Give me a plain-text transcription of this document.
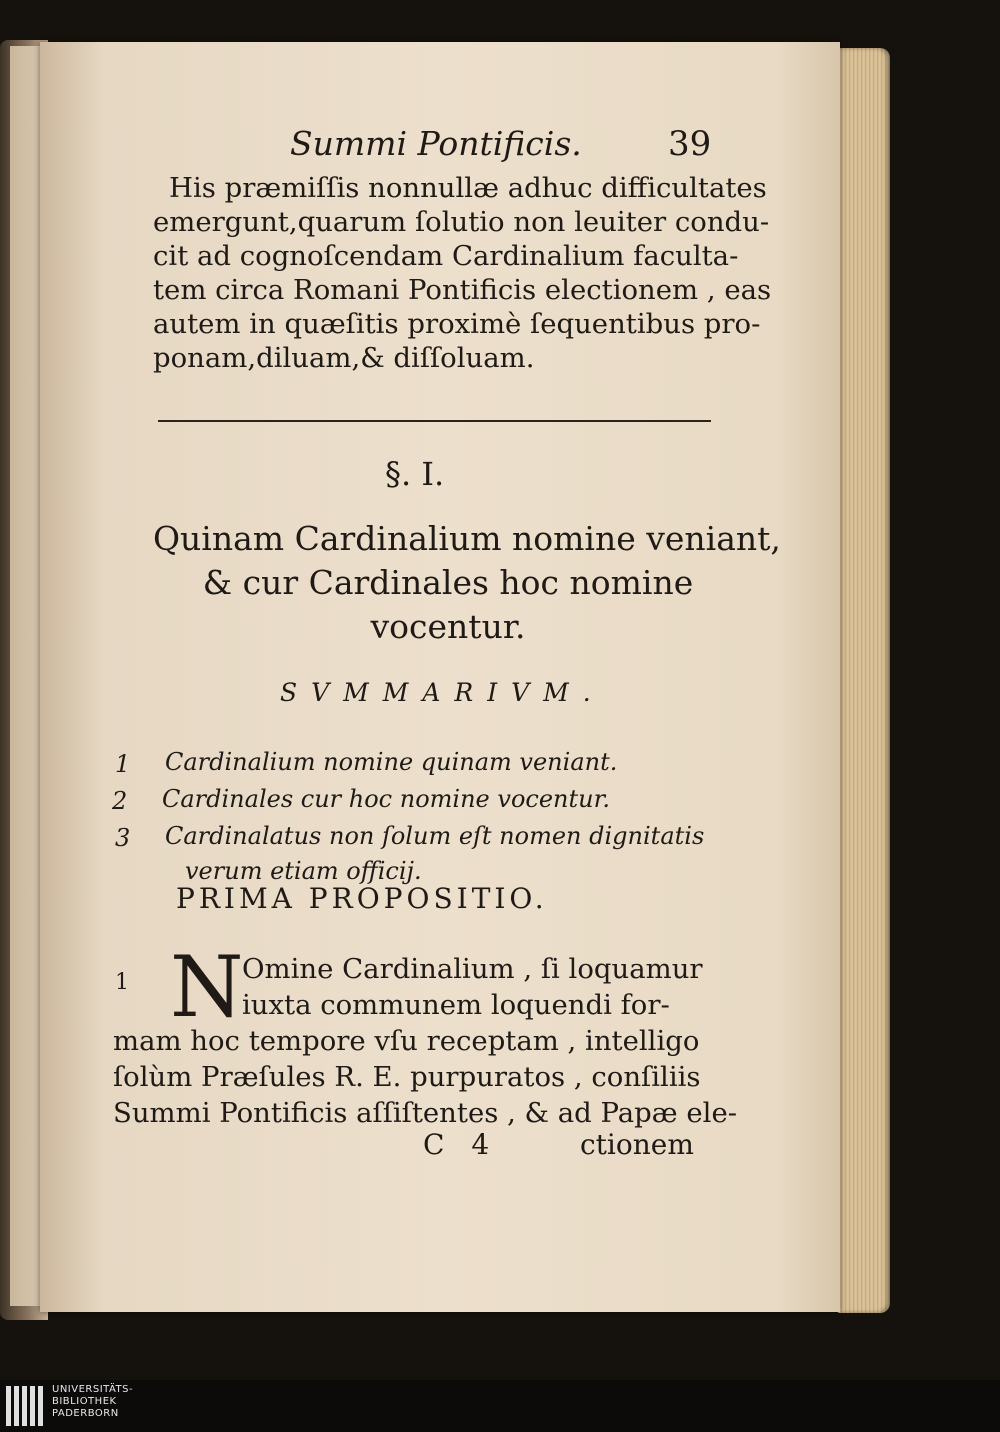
Summi Pontificis.	39
His præmiſſis nonnullæ adhuc difficultates
emergunt,quarum ſolutio non leuiter condu-
cit ad cognoſcendam Cardinalium faculta-
tem circa Romani Pontificis electionem , eas
autem in quæſitis proximè ſequentibus pro-
ponam,diluam,& diſſoluam.
§. I.
Quinam Cardinalium nomine veniant,
& cur Cardinales hoc nomine
vocentur.
SVMMARIVM.
1 Cardinalium nomine quinam veniant.
2 Cardinales cur hoc nomine vocentur.
3 Cardinalatus non ſolum eſt nomen dignitatis
verum etiam officij.
PRIMA PROPOSITIO.
1 N
Omine Cardinalium , ſi loquamur
iuxta communem loquendi for-
mam hoc tempore vſu receptam , intelligo
ſolùm Præſules R. E. purpuratos , conſiliis
Summi Pontificis aſſiſtentes , & ad Papæ ele-
C 4	ctionem
UNIVERSITÄTS-
BIBLIOTHEK
PADERBORN
